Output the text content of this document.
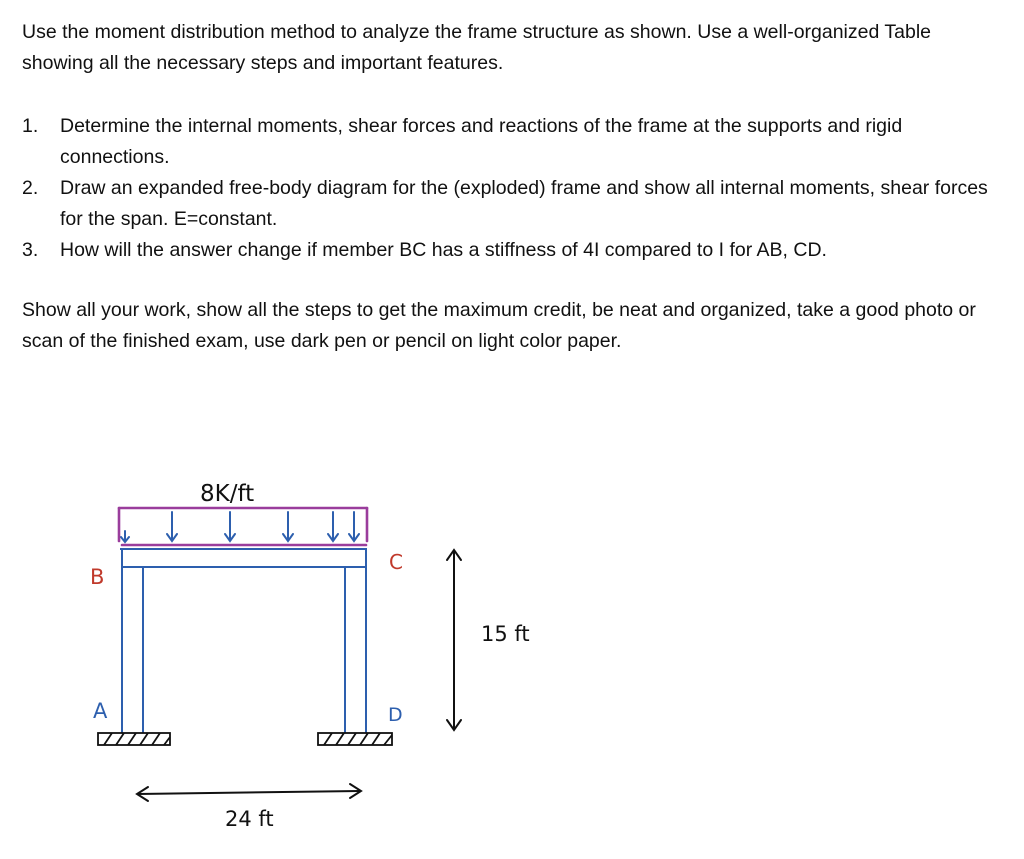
Use the moment distribution method to analyze the frame structure as shown. Use a well-organized Table showing all the necessary steps and important features.
1. Determine the internal moments, shear forces and reactions of the frame at the supports and rigid connections.
2. Draw an expanded free-body diagram for the (exploded) frame and show all internal moments, shear forces for the span. E=constant.
3. How will the answer change if member BC has a stiffness of 4I compared to I for AB, CD.
Show all your work, show all the steps to get the maximum credit, be neat and organized, take a good photo or scan of the finished exam, use dark pen or pencil on light color paper.
8K/ft
B
C
A	D
15 ft
24 ft
